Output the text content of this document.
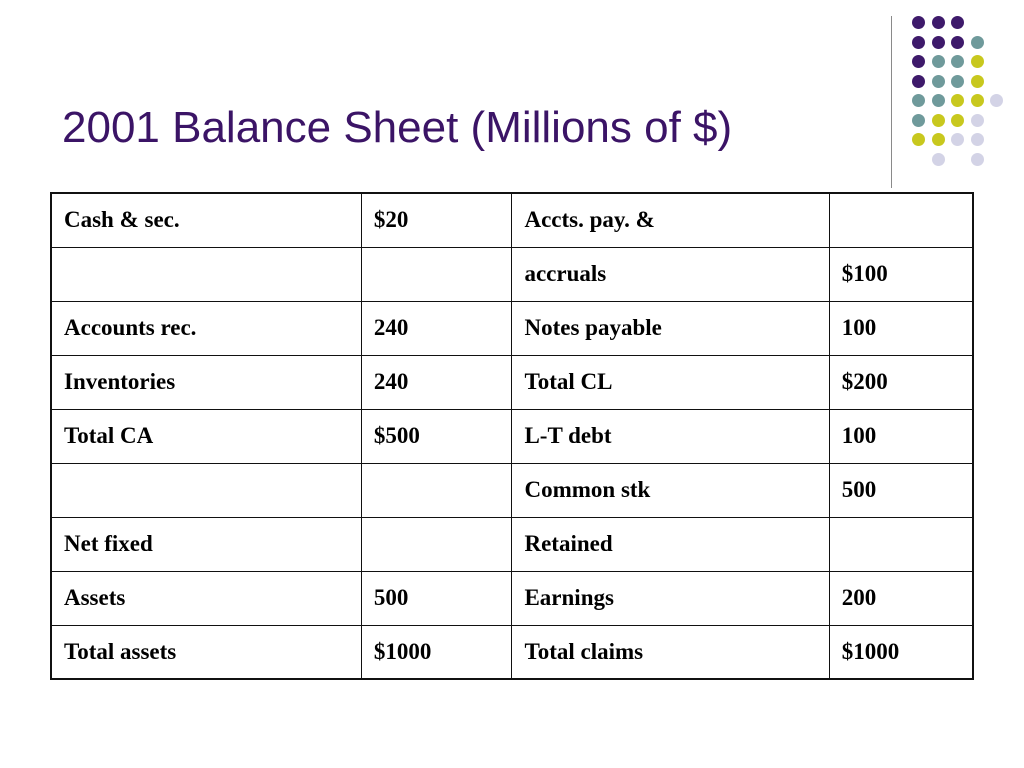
2001 Balance Sheet (Millions of $)
Cash & sec.	$20	Accts. pay. &	
		accruals	$100
Accounts rec.	240	Notes payable	100
Inventories	240	Total CL	$200
Total CA	$500	L-T debt	100
		Common stk	500
Net fixed		Retained	
Assets	500	Earnings	200
Total assets	$1000	Total claims	$1000
